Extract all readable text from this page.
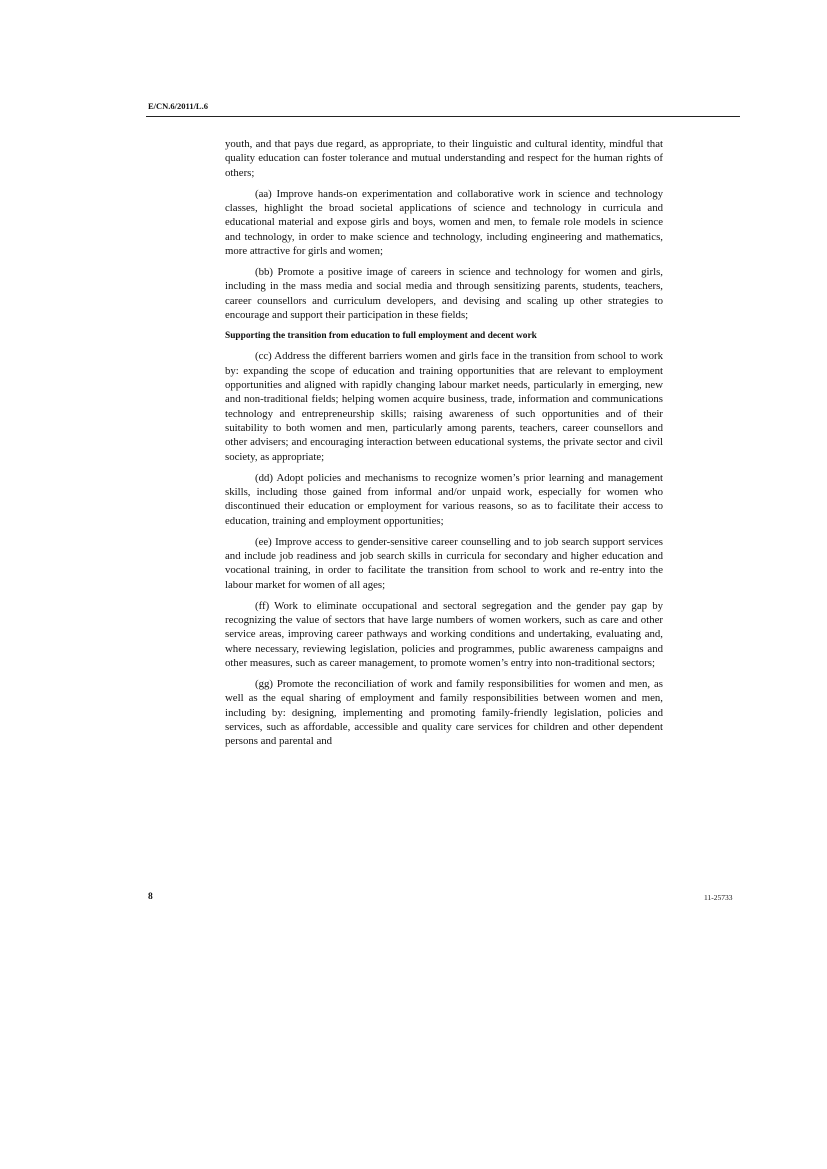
E/CN.6/2011/L.6

youth, and that pays due regard, as appropriate, to their linguistic and cultural identity, mindful that quality education can foster tolerance and mutual understanding and respect for the human rights of others;

(aa) Improve hands-on experimentation and collaborative work in science and technology classes, highlight the broad societal applications of science and technology in curricula and educational material and expose girls and boys, women and men, to female role models in science and technology, in order to make science and technology, including engineering and mathematics, more attractive for girls and women;

(bb) Promote a positive image of careers in science and technology for women and girls, including in the mass media and social media and through sensitizing parents, students, teachers, career counsellors and curriculum developers, and devising and scaling up other strategies to encourage and support their participation in these fields;

Supporting the transition from education to full employment and decent work

(cc) Address the different barriers women and girls face in the transition from school to work by: expanding the scope of education and training opportunities that are relevant to employment opportunities and aligned with rapidly changing labour market needs, particularly in emerging, new and non-traditional fields; helping women acquire business, trade, information and communications technology and entrepreneurship skills; raising awareness of such opportunities and of their suitability to both women and men, particularly among parents, teachers, career counsellors and other advisers; and encouraging interaction between educational systems, the private sector and civil society, as appropriate;

(dd) Adopt policies and mechanisms to recognize women’s prior learning and management skills, including those gained from informal and/or unpaid work, especially for women who discontinued their education or employment for various reasons, so as to facilitate their access to education, training and employment opportunities;

(ee) Improve access to gender-sensitive career counselling and to job search support services and include job readiness and job search skills in curricula for secondary and higher education and vocational training, in order to facilitate the transition from school to work and re-entry into the labour market for women of all ages;

(ff) Work to eliminate occupational and sectoral segregation and the gender pay gap by recognizing the value of sectors that have large numbers of women workers, such as care and other service areas, improving career pathways and working conditions and undertaking, evaluating and, where necessary, reviewing legislation, policies and programmes, public awareness campaigns and other measures, such as career management, to promote women’s entry into non-traditional sectors;

(gg) Promote the reconciliation of work and family responsibilities for women and men, as well as the equal sharing of employment and family responsibilities between women and men, including by: designing, implementing and promoting family-friendly legislation, policies and services, such as affordable, accessible and quality care services for children and other dependent persons and parental and

8	11-25733
